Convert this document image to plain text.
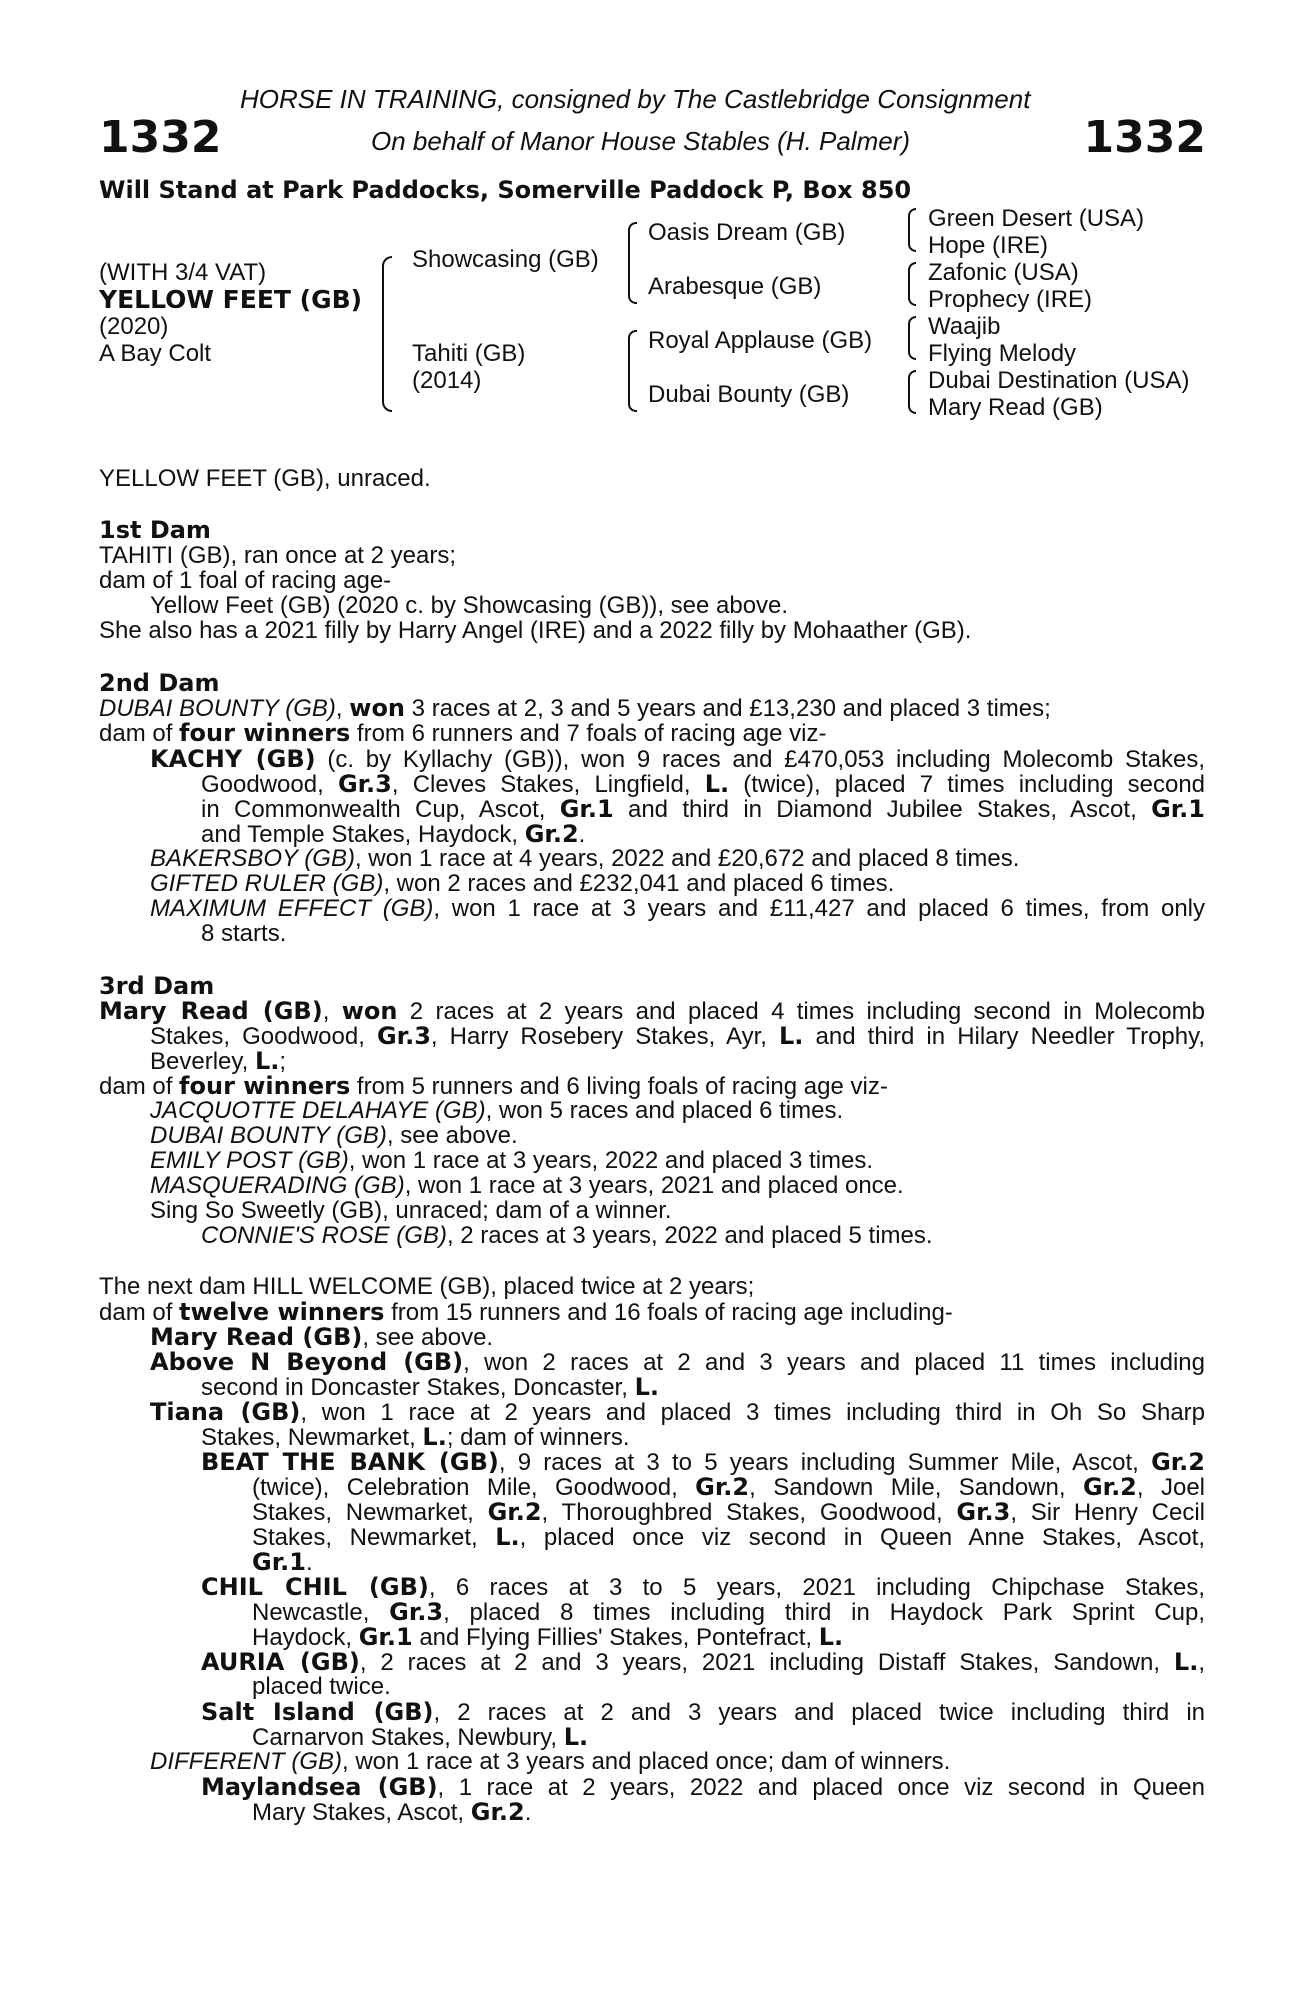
1332	1332
HORSE IN TRAINING, consigned by The Castlebridge Consignment
On behalf of Manor House Stables (H. Palmer)
Will Stand at Park Paddocks, Somerville Paddock P, Box 850
(WITH 3/4 VAT)
YELLOW FEET (GB)
(2020)
A Bay Colt
Showcasing (GB)
Tahiti (GB)
(2014)
Oasis Dream (GB)
Arabesque (GB)
Royal Applause (GB)
Dubai Bounty (GB)
Green Desert (USA)
Hope (IRE)
Zafonic (USA)
Prophecy (IRE)
Waajib
Flying Melody
Dubai Destination (USA)
Mary Read (GB)
YELLOW FEET (GB), unraced.
1st Dam
TAHITI (GB), ran once at 2 years;
dam of 1 foal of racing age-
Yellow Feet (GB) (2020 c. by Showcasing (GB)), see above.
She also has a 2021 filly by Harry Angel (IRE) and a 2022 filly by Mohaather (GB).
2nd Dam
DUBAI BOUNTY (GB), won 3 races at 2, 3 and 5 years and £13,230 and placed 3 times;
dam of four winners from 6 runners and 7 foals of racing age viz-
KACHY (GB) (c. by Kyllachy (GB)), won 9 races and £470,053 including Molecomb Stakes,
Goodwood, Gr.3, Cleves Stakes, Lingfield, L. (twice), placed 7 times including second
in Commonwealth Cup, Ascot, Gr.1 and third in Diamond Jubilee Stakes, Ascot, Gr.1
and Temple Stakes, Haydock, Gr.2.
BAKERSBOY (GB), won 1 race at 4 years, 2022 and £20,672 and placed 8 times.
GIFTED RULER (GB), won 2 races and £232,041 and placed 6 times.
MAXIMUM EFFECT (GB), won 1 race at 3 years and £11,427 and placed 6 times, from only
8 starts.
3rd Dam
Mary Read (GB), won 2 races at 2 years and placed 4 times including second in Molecomb
Stakes, Goodwood, Gr.3, Harry Rosebery Stakes, Ayr, L. and third in Hilary Needler Trophy,
Beverley, L.;
dam of four winners from 5 runners and 6 living foals of racing age viz-
JACQUOTTE DELAHAYE (GB), won 5 races and placed 6 times.
DUBAI BOUNTY (GB), see above.
EMILY POST (GB), won 1 race at 3 years, 2022 and placed 3 times.
MASQUERADING (GB), won 1 race at 3 years, 2021 and placed once.
Sing So Sweetly (GB), unraced; dam of a winner.
CONNIE'S ROSE (GB), 2 races at 3 years, 2022 and placed 5 times.
The next dam HILL WELCOME (GB), placed twice at 2 years;
dam of twelve winners from 15 runners and 16 foals of racing age including-
Mary Read (GB), see above.
Above N Beyond (GB), won 2 races at 2 and 3 years and placed 11 times including
second in Doncaster Stakes, Doncaster, L.
Tiana (GB), won 1 race at 2 years and placed 3 times including third in Oh So Sharp
Stakes, Newmarket, L.; dam of winners.
BEAT THE BANK (GB), 9 races at 3 to 5 years including Summer Mile, Ascot, Gr.2
(twice), Celebration Mile, Goodwood, Gr.2, Sandown Mile, Sandown, Gr.2, Joel
Stakes, Newmarket, Gr.2, Thoroughbred Stakes, Goodwood, Gr.3, Sir Henry Cecil
Stakes, Newmarket, L., placed once viz second in Queen Anne Stakes, Ascot,
Gr.1.
CHIL CHIL (GB), 6 races at 3 to 5 years, 2021 including Chipchase Stakes,
Newcastle, Gr.3, placed 8 times including third in Haydock Park Sprint Cup,
Haydock, Gr.1 and Flying Fillies' Stakes, Pontefract, L.
AURIA (GB), 2 races at 2 and 3 years, 2021 including Distaff Stakes, Sandown, L.,
placed twice.
Salt Island (GB), 2 races at 2 and 3 years and placed twice including third in
Carnarvon Stakes, Newbury, L.
DIFFERENT (GB), won 1 race at 3 years and placed once; dam of winners.
Maylandsea (GB), 1 race at 2 years, 2022 and placed once viz second in Queen
Mary Stakes, Ascot, Gr.2.
